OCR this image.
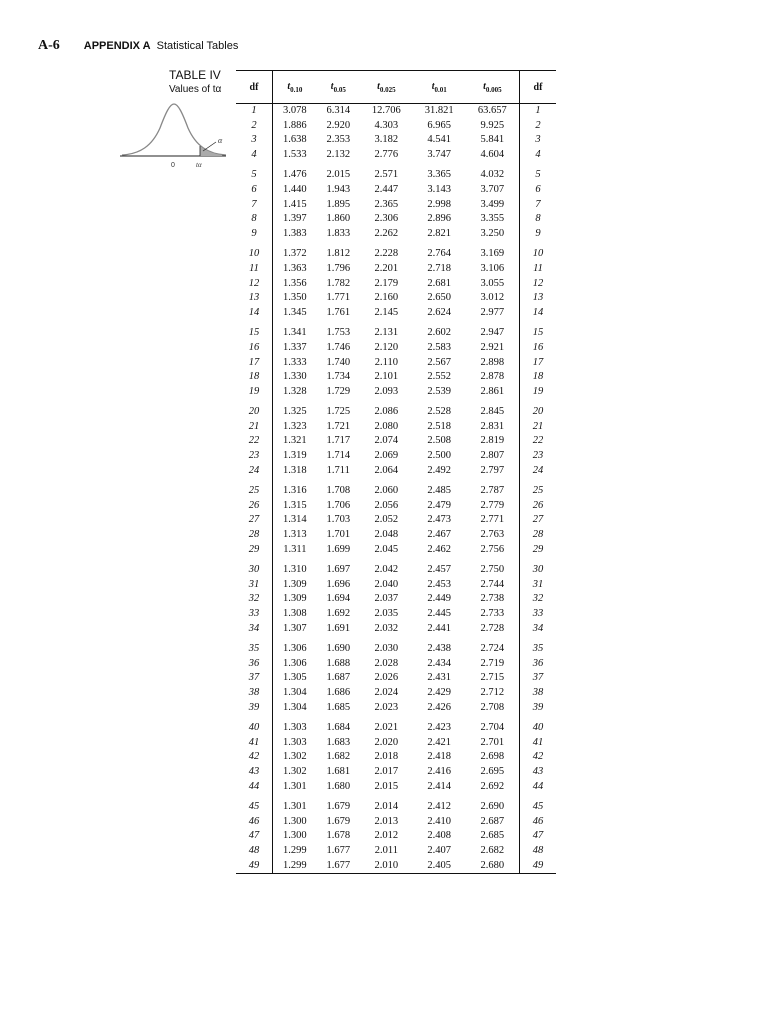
A-6 APPENDIX A Statistical Tables
TABLE IV
Values of tα
α
0	tα
df	$t_{0.10}$	$t_{0.05}$	$t_{0.025}$	$t_{0.01}$	$t_{0.005}$	df
1	3.078	6.314	12.706	31.821	63.657	1
2	1.886	2.920	4.303	6.965	9.925	2
3	1.638	2.353	3.182	4.541	5.841	3
4	1.533	2.132	2.776	3.747	4.604	4
5	1.476	2.015	2.571	3.365	4.032	5
6	1.440	1.943	2.447	3.143	3.707	6
7	1.415	1.895	2.365	2.998	3.499	7
8	1.397	1.860	2.306	2.896	3.355	8
9	1.383	1.833	2.262	2.821	3.250	9
10	1.372	1.812	2.228	2.764	3.169	10
11	1.363	1.796	2.201	2.718	3.106	11
12	1.356	1.782	2.179	2.681	3.055	12
13	1.350	1.771	2.160	2.650	3.012	13
14	1.345	1.761	2.145	2.624	2.977	14
15	1.341	1.753	2.131	2.602	2.947	15
16	1.337	1.746	2.120	2.583	2.921	16
17	1.333	1.740	2.110	2.567	2.898	17
18	1.330	1.734	2.101	2.552	2.878	18
19	1.328	1.729	2.093	2.539	2.861	19
20	1.325	1.725	2.086	2.528	2.845	20
21	1.323	1.721	2.080	2.518	2.831	21
22	1.321	1.717	2.074	2.508	2.819	22
23	1.319	1.714	2.069	2.500	2.807	23
24	1.318	1.711	2.064	2.492	2.797	24
25	1.316	1.708	2.060	2.485	2.787	25
26	1.315	1.706	2.056	2.479	2.779	26
27	1.314	1.703	2.052	2.473	2.771	27
28	1.313	1.701	2.048	2.467	2.763	28
29	1.311	1.699	2.045	2.462	2.756	29
30	1.310	1.697	2.042	2.457	2.750	30
31	1.309	1.696	2.040	2.453	2.744	31
32	1.309	1.694	2.037	2.449	2.738	32
33	1.308	1.692	2.035	2.445	2.733	33
34	1.307	1.691	2.032	2.441	2.728	34
35	1.306	1.690	2.030	2.438	2.724	35
36	1.306	1.688	2.028	2.434	2.719	36
37	1.305	1.687	2.026	2.431	2.715	37
38	1.304	1.686	2.024	2.429	2.712	38
39	1.304	1.685	2.023	2.426	2.708	39
40	1.303	1.684	2.021	2.423	2.704	40
41	1.303	1.683	2.020	2.421	2.701	41
42	1.302	1.682	2.018	2.418	2.698	42
43	1.302	1.681	2.017	2.416	2.695	43
44	1.301	1.680	2.015	2.414	2.692	44
45	1.301	1.679	2.014	2.412	2.690	45
46	1.300	1.679	2.013	2.410	2.687	46
47	1.300	1.678	2.012	2.408	2.685	47
48	1.299	1.677	2.011	2.407	2.682	48
49	1.299	1.677	2.010	2.405	2.680	49
